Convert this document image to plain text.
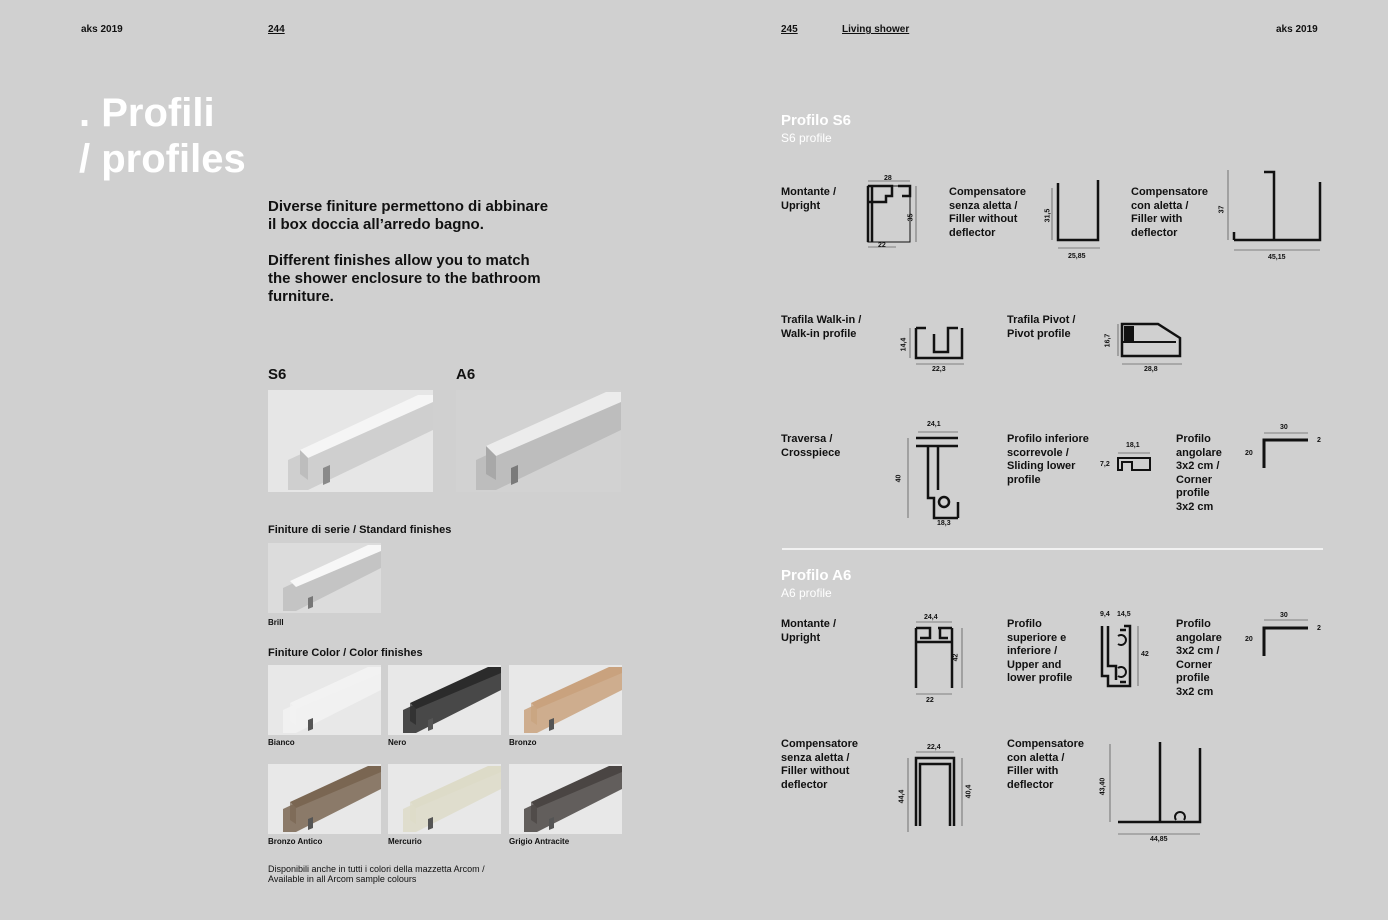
aks 2019	244	245	Living shower	aks 2019
. Profili
/ profiles
Diverse finiture permettono di abbinare
il box doccia all’arredo bagno.
Different finishes allow you to match
the shower enclosure to the bathroom
furniture.
S6	A6
Finiture di serie / Standard finishes
Brill
Finiture Color / Color finishes
Bianco	Nero	Bronzo
Bronzo Antico	Mercurio	Grigio Antracite
Disponibili anche in tutti i colori della mazzetta Arcom /
Available in all Arcom sample colours
Profilo S6
S6 profile
Montante /
Upright
Compensatore
senza aletta /
Filler without
deflector
Compensatore
con aletta /
Filler with
deflector
Trafila Walk-in /
Walk-in profile
Trafila Pivot /
Pivot profile
Traversa /
Crosspiece
Profilo inferiore
scorrevole /
Sliding lower
profile
Profilo
angolare
3x2 cm /
Corner
profile
3x2 cm
28
35
22
31,5
25,85
37
45,15
14,4
22,3
16,7
28,8
24,1
40
18,3
18,1
7,2
30
20
2
Profilo A6
A6 profile
Montante /
Upright
Profilo
superiore e
inferiore /
Upper and
lower profile
Profilo
angolare
3x2 cm /
Corner
profile
3x2 cm
Compensatore
senza aletta /
Filler without
deflector
Compensatore
con aletta /
Filler with
deflector
24,4
42
22
9,4 14,5
42
30
20
2
22,4
44,4	40,4	43,40
44,85
